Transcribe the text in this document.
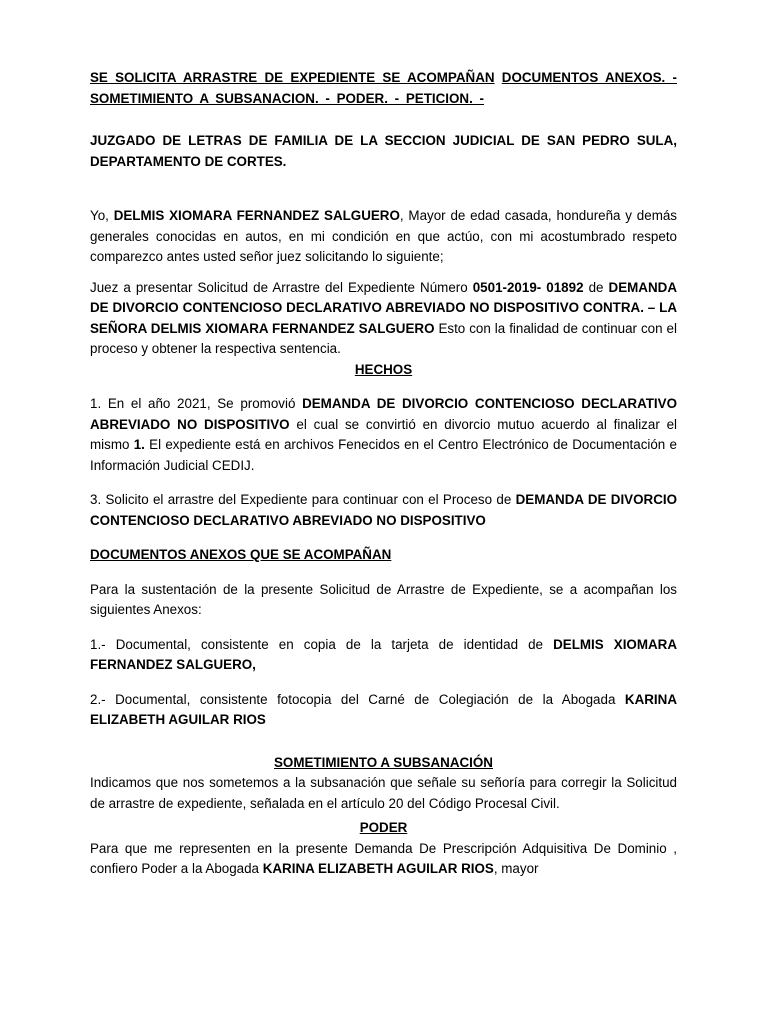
SE SOLICITA ARRASTRE DE EXPEDIENTE SE ACOMPAÑAN DOCUMENTOS ANEXOS. - SOMETIMIENTO A SUBSANACION. - PODER. - PETICION. -

JUZGADO DE LETRAS DE FAMILIA DE LA SECCION JUDICIAL DE SAN PEDRO SULA, DEPARTAMENTO DE CORTES.

Yo, DELMIS XIOMARA FERNANDEZ SALGUERO, Mayor de edad casada, hondureña y demás generales conocidas en autos, en mi condición en que actúo, con mi acostumbrado respeto comparezco antes usted señor juez solicitando lo siguiente;

Juez a presentar Solicitud de Arrastre del Expediente Número 0501-2019- 01892 de DEMANDA DE DIVORCIO CONTENCIOSO DECLARATIVO ABREVIADO NO DISPOSITIVO CONTRA. – LA SEÑORA DELMIS XIOMARA FERNANDEZ SALGUERO Esto con la finalidad de continuar con el proceso y obtener la respectiva sentencia.

HECHOS

1. En el año 2021, Se promovió DEMANDA DE DIVORCIO CONTENCIOSO DECLARATIVO ABREVIADO NO DISPOSITIVO el cual se convirtió en divorcio mutuo acuerdo al finalizar el mismo 1. El expediente está en archivos Fenecidos en el Centro Electrónico de Documentación e Información Judicial CEDIJ.

3. Solicito el arrastre del Expediente para continuar con el Proceso de DEMANDA DE DIVORCIO CONTENCIOSO DECLARATIVO ABREVIADO NO DISPOSITIVO

DOCUMENTOS ANEXOS QUE SE ACOMPAÑAN

Para la sustentación de la presente Solicitud de Arrastre de Expediente, se a acompañan los siguientes Anexos:

1.- Documental, consistente en copia de la tarjeta de identidad de DELMIS XIOMARA FERNANDEZ SALGUERO,

2.- Documental, consistente fotocopia del Carné de Colegiación de la Abogada KARINA ELIZABETH AGUILAR RIOS

SOMETIMIENTO A SUBSANACIÓN

Indicamos que nos sometemos a la subsanación que señale su señoría para corregir la Solicitud de arrastre de expediente, señalada en el artículo 20 del Código Procesal Civil.

PODER

Para que me representen en la presente Demanda De Prescripción Adquisitiva De Dominio , confiero Poder a la Abogada KARINA ELIZABETH AGUILAR RIOS, mayor
